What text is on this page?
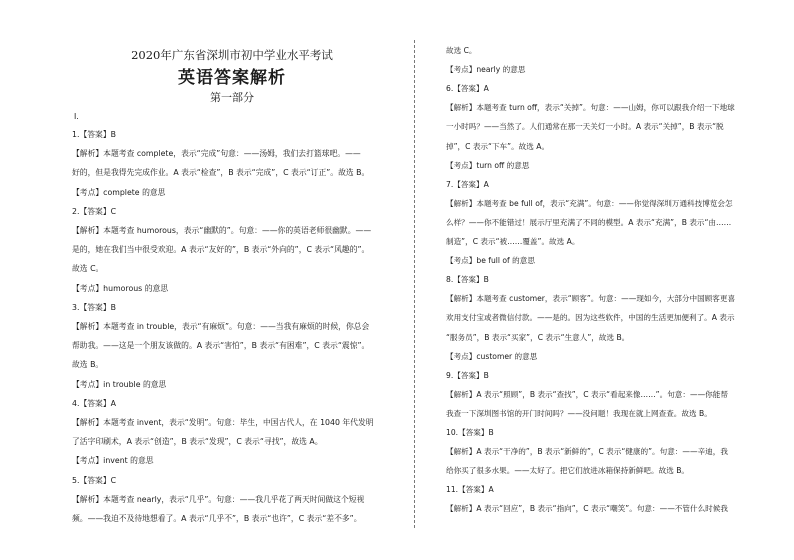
2020年广东省深圳市初中学业水平考试
英语答案解析
第一部分
Ⅰ.
1.【答案】B
【解析】本题考查 complete，表示“完成”句意：——汤姆，我们去打篮球吧。——
好的，但是我得先完成作业。A 表示“检查”，B 表示“完成”，C 表示“订正”。故选 B。
【考点】complete 的意思
2.【答案】C
【解析】本题考查 humorous，表示“幽默的”。句意：——你的英语老师很幽默。——
是的，她在我们当中很受欢迎。A 表示“友好的”，B 表示“外向的”，C 表示“风趣的”。
故选 C。
【考点】humorous 的意思
3.【答案】B
【解析】本题考查 in trouble，表示“有麻烦”。句意：——当我有麻烦的时候，你总会
帮助我。——这是一个朋友该做的。A 表示“害怕”，B 表示“有困难”，C 表示“震惊”。
故选 B。
【考点】in trouble 的意思
4.【答案】A
【解析】本题考查 invent，表示“发明”。句意：毕生，中国古代人，在 1040 年代发明
了活字印刷术，A 表示“创造”，B 表示“发现”，C 表示“寻找”，故选 A。
【考点】invent 的意思
5.【答案】C
【解析】本题考查 nearly，表示“几乎”。句意：——我几乎花了两天时间做这个短视
频。——我迫不及待地想看了。A 表示“几乎不”，B 表示“也许”，C 表示“差不多”。
故选 C。
【考点】nearly 的意思
6.【答案】A
【解析】本题考查 turn off，表示“关掉”。句意：——山姆，你可以跟我介绍一下地球
一小时吗？——当然了。人们通常在那一天关灯一小时。A 表示“关掉”，B 表示“脱
掉”，C 表示“下车”。故选 A。
【考点】turn off 的意思
7.【答案】A
【解析】本题考查 be full of，表示“充满”。句意：——你觉得深圳万通科技博览会怎
么样？——你不能错过！展示厅里充满了不同的模型。A 表示“充满”，B 表示“由……
制造”，C 表示“被……覆盖”。故选 A。
【考点】be full of 的意思
8.【答案】B
【解析】本题考查 customer，表示“顾客”。句意：——现如今，大部分中国顾客更喜
欢用支付宝或者微信付款。——是的。因为这些软件，中国的生活更加便利了。A 表示
“服务员”，B 表示“买家”，C 表示“生意人”，故选 B。
【考点】customer 的意思
9.【答案】B
【解析】A 表示“照顾”，B 表示“查找”，C 表示“看起来像……”。句意：——你能帮
我查一下深圳图书馆的开门时间吗？——没问题！我现在就上网查查。故选 B。
10.【答案】B
【解析】A 表示“干净的”，B 表示“新鲜的”，C 表示“健康的”。句意：——辛迪，我
给你买了很多水果。——太好了。把它们放进冰箱保持新鲜吧。故选 B。
11.【答案】A
【解析】A 表示“回应”，B 表示“指向”，C 表示“嘲笑”。句意：——不管什么时候我
